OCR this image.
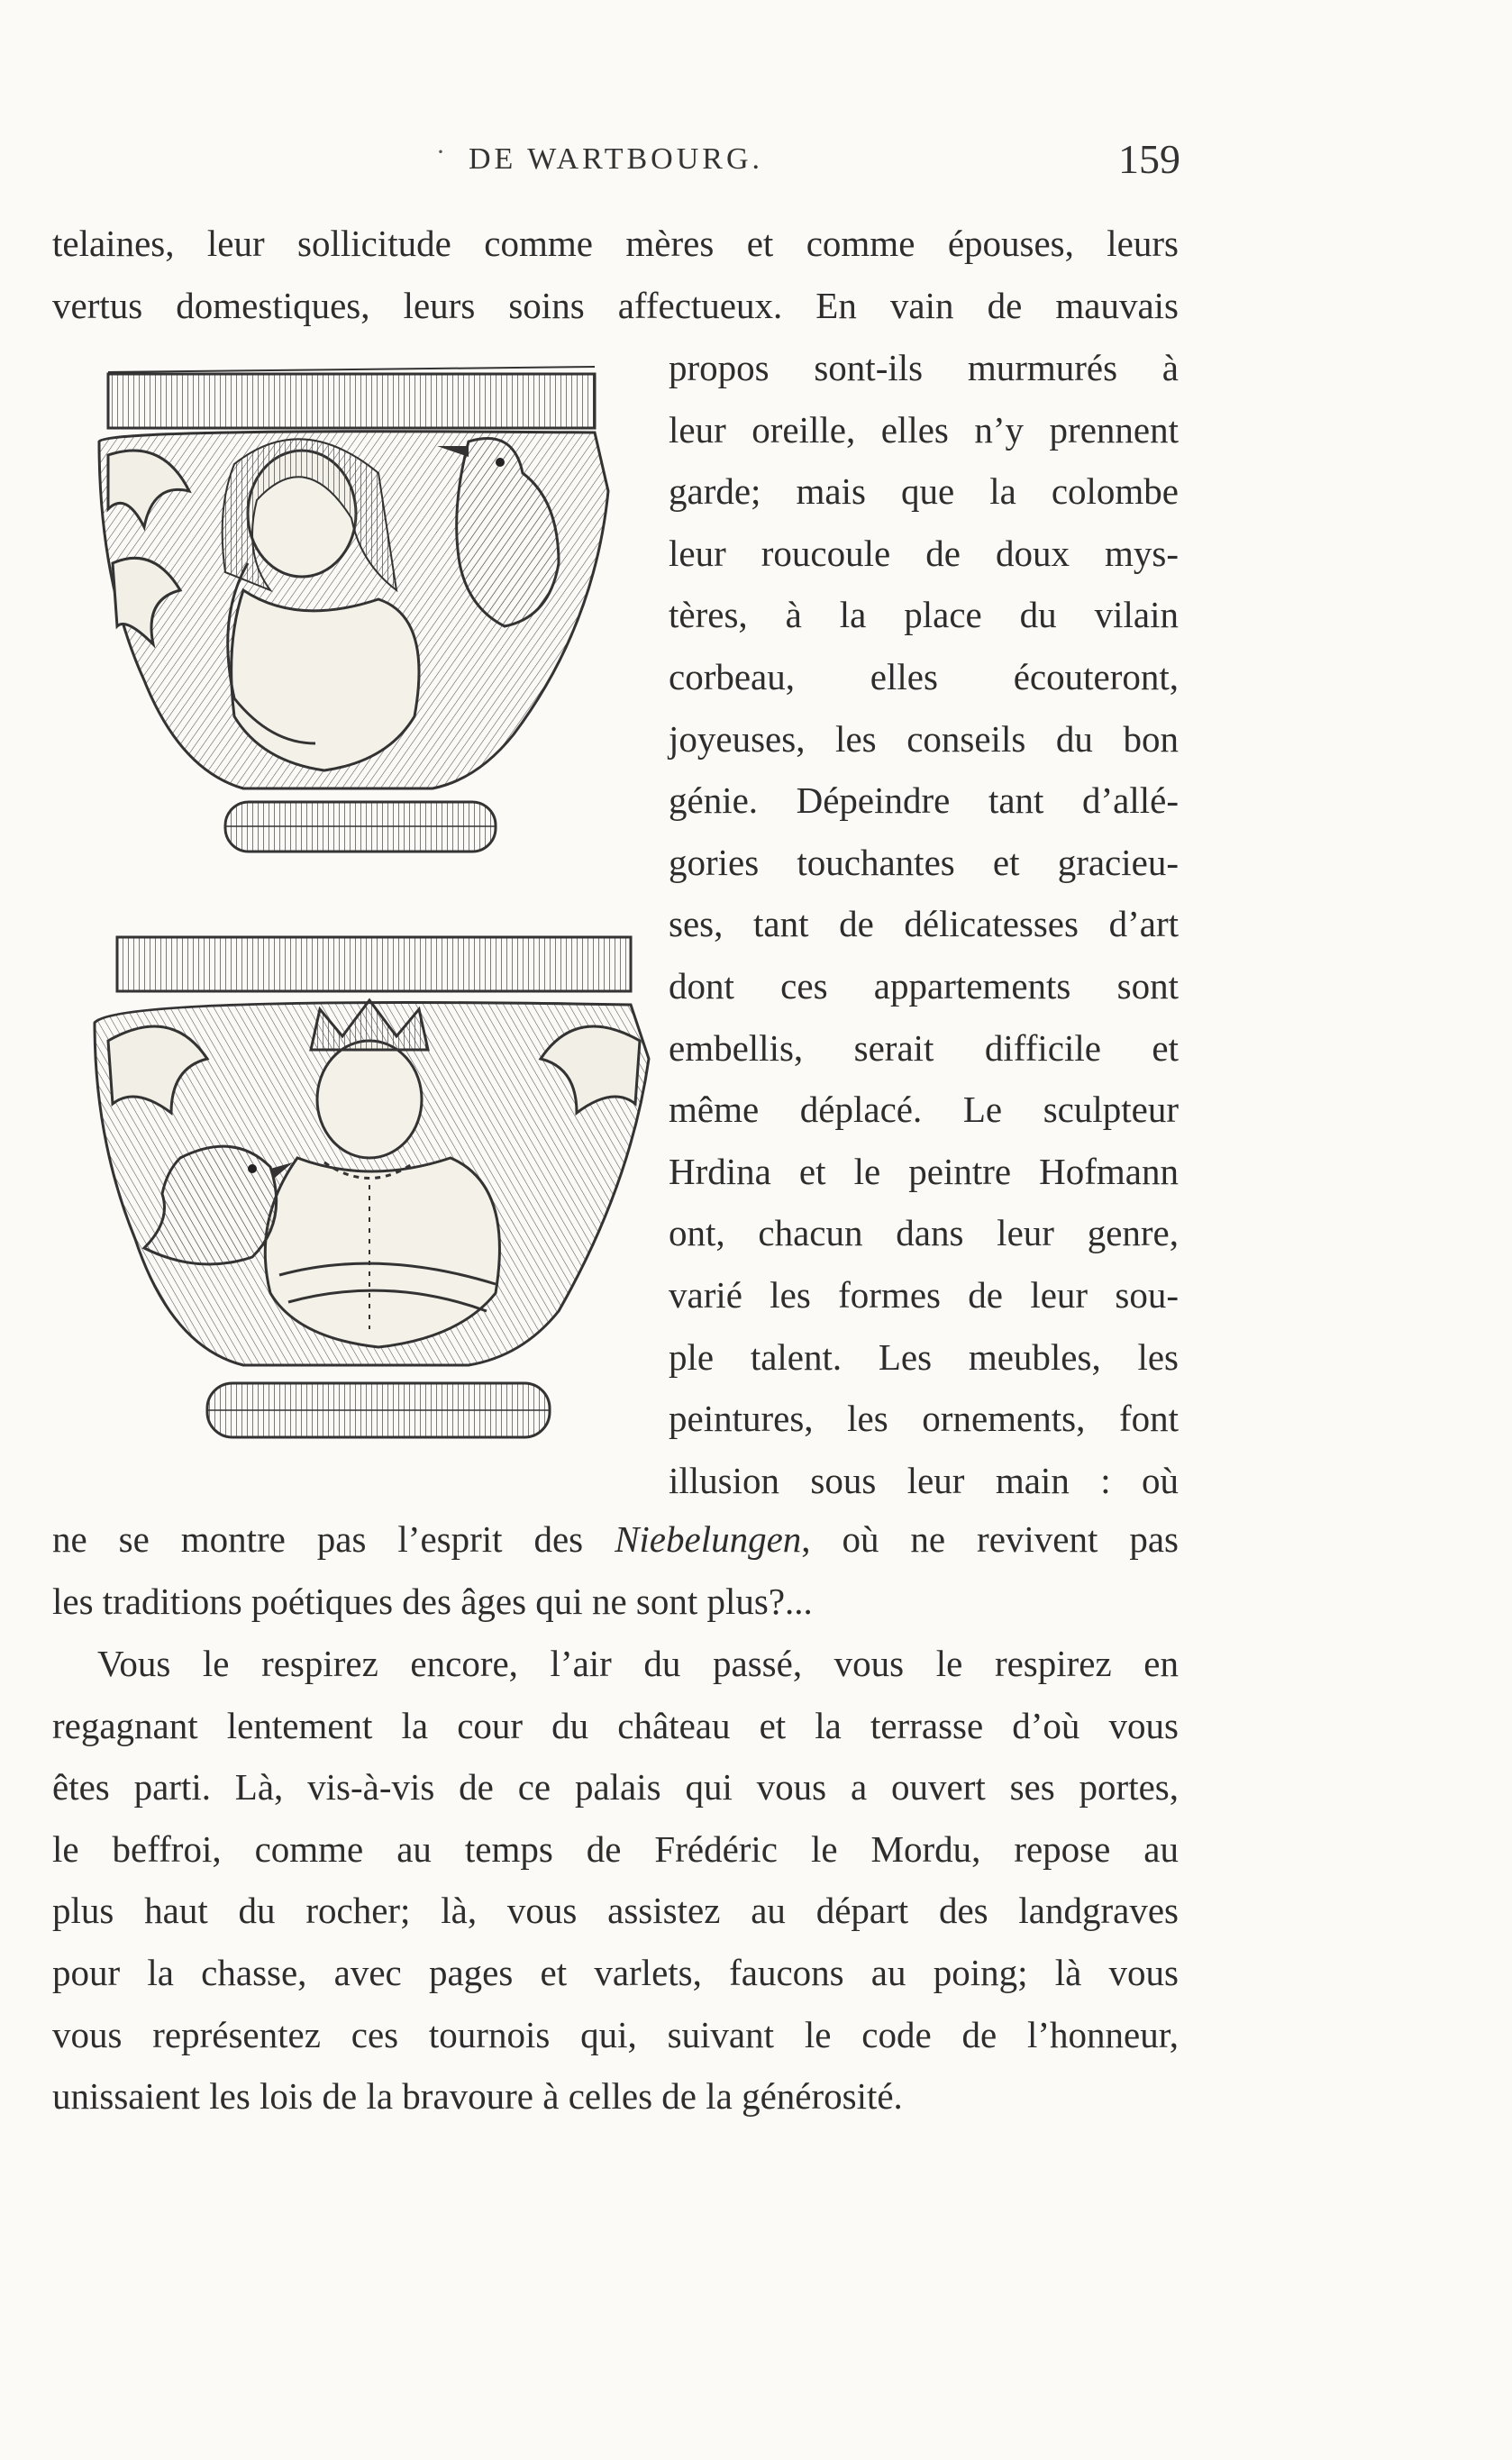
· DE WARTBOURG.	159
telaines, leur sollicitude comme mères et comme épouses, leurs
vertus domestiques, leurs soins affectueux. En vain de mauvais
propos sont-ils murmurés à
leur oreille, elles n’y prennent
garde; mais que la colombe
leur roucoule de doux mys-
tères, à la place du vilain
corbeau, elles écouteront,
joyeuses, les conseils du bon
génie. Dépeindre tant d’allé-
gories touchantes et gracieu-
ses, tant de délicatesses d’art
dont ces appartements sont
embellis, serait difficile et
même déplacé. Le sculpteur
Hrdina et le peintre Hofmann
ont, chacun dans leur genre,
varié les formes de leur sou-
ple talent. Les meubles, les
peintures, les ornements, font
illusion sous leur main : où
ne se montre pas l’esprit des Niebelungen, où ne revivent pas
les traditions poétiques des âges qui ne sont plus?...
Vous le respirez encore, l’air du passé, vous le respirez en
regagnant lentement la cour du château et la terrasse d’où vous
êtes parti. Là, vis-à-vis de ce palais qui vous a ouvert ses portes,
le beffroi, comme au temps de Frédéric le Mordu, repose au
plus haut du rocher; là, vous assistez au départ des landgraves
pour la chasse, avec pages et varlets, faucons au poing; là vous
vous représentez ces tournois qui, suivant le code de l’honneur,
unissaient les lois de la bravoure à celles de la générosité.
